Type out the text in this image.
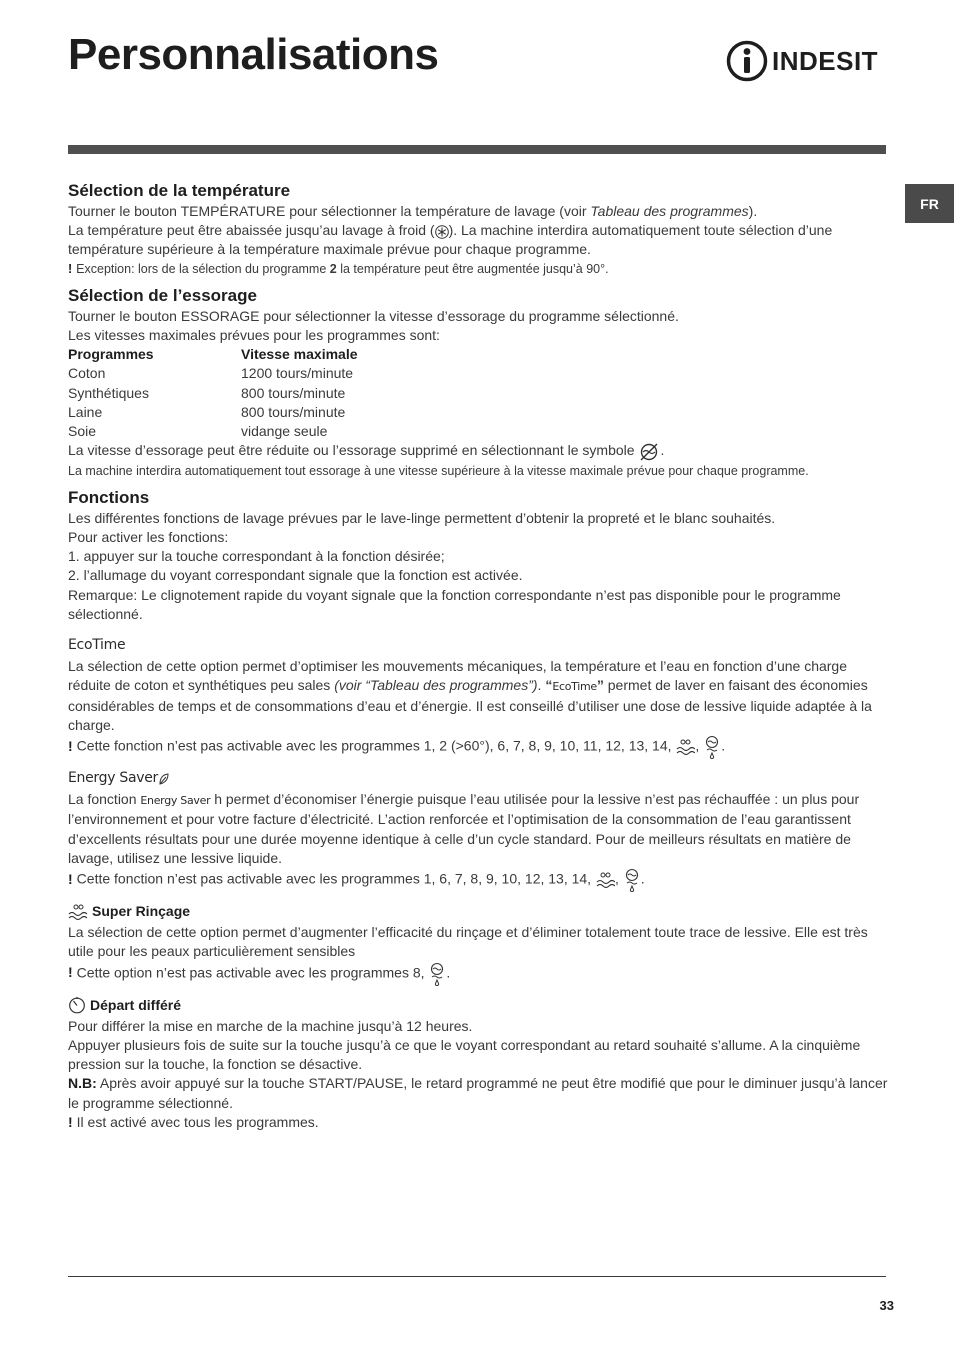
Personnalisations	INDESIT
FR
Sélection de la température

Tourner le bouton TEMPÉRATURE pour sélectionner la température de lavage (voir Tableau des programmes).

La température peut être abaissée jusqu’au lavage à froid ( ). La machine interdira automatiquement toute sélection d’une température supérieure à la température maximale prévue pour chaque programme.

! Exception: lors de la sélection du programme 2 la température peut être augmentée jusqu’à 90°.

Sélection de l’essorage

Tourner le bouton ESSORAGE pour sélectionner la vitesse d’essorage du programme sélectionné.

Les vitesses maximales prévues pour les programmes sont:

Programmes	Vitesse maximale
Coton	1200 tours/minute
Synthétiques	800 tours/minute
Laine	800 tours/minute
Soie	vidange seule

La vitesse d’essorage peut être réduite ou l’essorage supprimé en sélectionnant le symbole .

La machine interdira automatiquement tout essorage à une vitesse supérieure à la vitesse maximale prévue pour chaque programme.

Fonctions

Les différentes fonctions de lavage prévues par le lave-linge permettent d’obtenir la propreté et le blanc souhaités.

Pour activer les fonctions:

1. appuyer sur la touche correspondant à la fonction désirée;

2. l’allumage du voyant correspondant signale que la fonction est activée.

Remarque: Le clignotement rapide du voyant signale que la fonction correspondante n’est pas disponible pour le programme sélectionné.

EcoTime

La sélection de cette option permet d’optimiser les mouvements mécaniques, la température et l’eau en fonction d’une charge réduite de coton et synthétiques peu sales (voir “Tableau des programmes”). “EcoTime” permet de laver en faisant des économies considérables de temps et de consommations d’eau et d’énergie. Il est conseillé d’utiliser une dose de lessive liquide adaptée à la charge.

! Cette fonction n’est pas activable avec les programmes 1, 2 (>60°), 6, 7, 8, 9, 10, 11, 12, 13, 14, , .

Energy Saver

La fonction Energy Saver h permet d’économiser l’énergie puisque l’eau utilisée pour la lessive n’est pas réchauffée : un plus pour l’environnement et pour votre facture d’électricité. L’action renforcée et l’optimisation de la consommation de l’eau garantissent d’excellents résultats pour une durée moyenne identique à celle d’un cycle standard. Pour de meilleurs résultats en matière de lavage, utilisez une lessive liquide.

! Cette fonction n’est pas activable avec les programmes 1, 6, 7, 8, 9, 10, 12, 13, 14, , .

Super Rinçage

La sélection de cette option permet d’augmenter l’efficacité du rinçage et d’éliminer totalement toute trace de lessive. Elle est très utile pour les peaux particulièrement sensibles

! Cette option n’est pas activable avec les programmes 8, .

Départ différé

Pour différer la mise en marche de la machine jusqu’à 12 heures.

Appuyer plusieurs fois de suite sur la touche jusqu’à ce que le voyant correspondant au retard souhaité s’allume. A la cinquième pression sur la touche, la fonction se désactive.

N.B: Après avoir appuyé sur la touche START/PAUSE, le retard programmé ne peut être modifié que pour le diminuer jusqu’à lancer le programme sélectionné.

! Il est activé avec tous les programmes.

33
